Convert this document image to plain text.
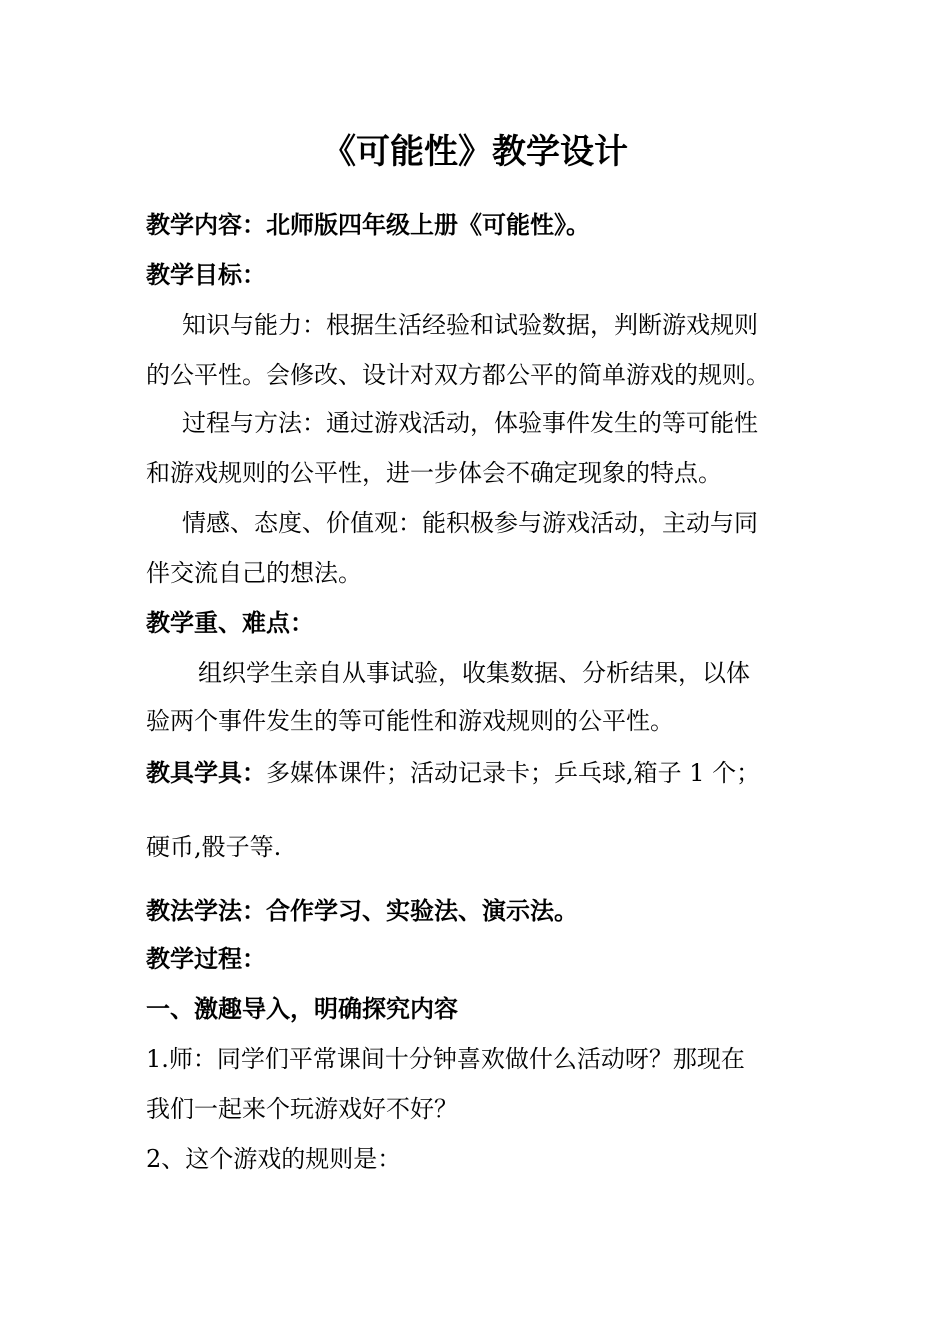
《可能性》教学设计
教学内容：北师版四年级上册《可能性》。
教学目标：
知识与能力：根据生活经验和试验数据，判断游戏规则
的公平性。会修改、设计对双方都公平的简单游戏的规则。
过程与方法：通过游戏活动，体验事件发生的等可能性
和游戏规则的公平性，进一步体会不确定现象的特点。
情感、态度、价值观：能积极参与游戏活动，主动与同
伴交流自己的想法。
教学重、难点：
组织学生亲自从事试验，收集数据、分析结果，以体
验两个事件发生的等可能性和游戏规则的公平性。
教具学具：多媒体课件；活动记录卡；乒乓球,箱子 1 个；
硬币,骰子等.
教法学法：合作学习、实验法、演示法。
教学过程：
一、激趣导入，明确探究内容
1.师：同学们平常课间十分钟喜欢做什么活动呀？那现在
我们一起来个玩游戏好不好？
2、这个游戏的规则是：
